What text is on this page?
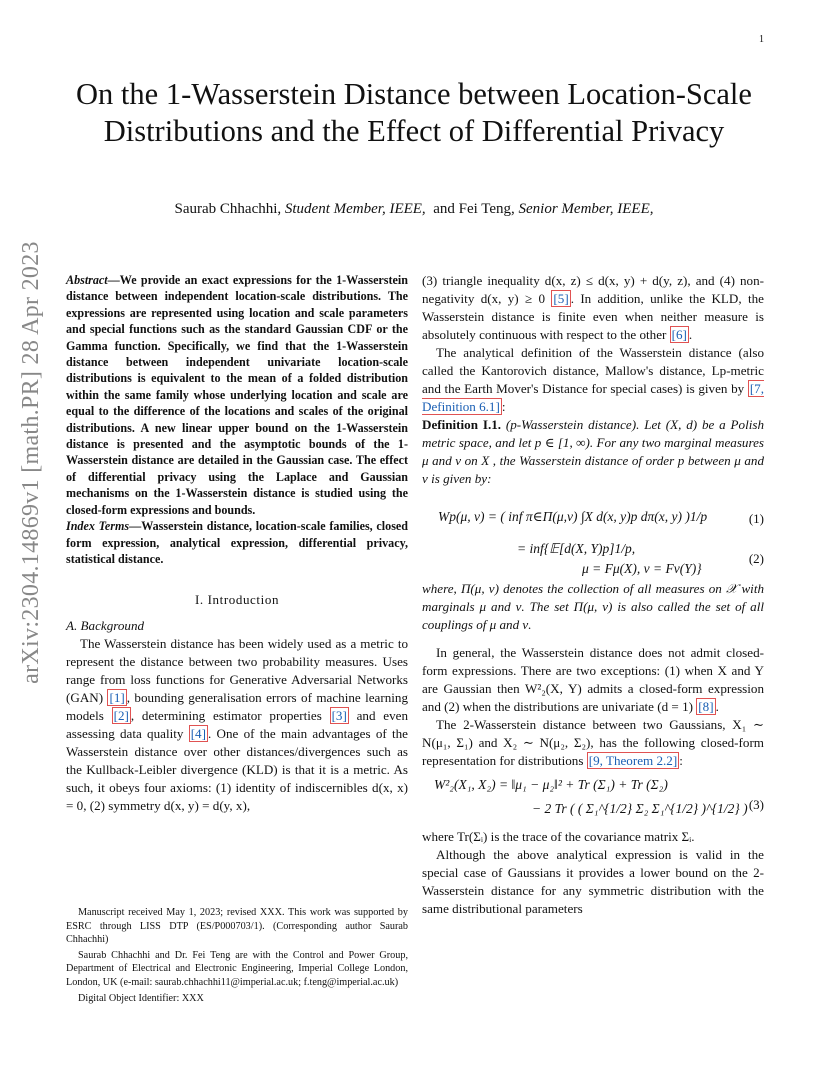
1
arXiv:2304.14869v1 [math.PR] 28 Apr 2023
On the 1-Wasserstein Distance between Location-Scale Distributions and the Effect of Differential Privacy
Saurab Chhachhi, Student Member, IEEE, and Fei Teng, Senior Member, IEEE,

Abstract—We provide an exact expressions for the 1-Wasserstein distance between independent location-scale distributions. The expressions are represented using location and scale parameters and special functions such as the standard Gaussian CDF or the Gamma function. Specifically, we find that the 1-Wasserstein distance between independent univariate location-scale distributions is equivalent to the mean of a folded distribution within the same family whose underlying location and scale are equal to the difference of the locations and scales of the original distributions. A new linear upper bound on the 1-Wasserstein distance is presented and the asymptotic bounds of the 1-Wasserstein distance are detailed in the Gaussian case. The effect of differential privacy using the Laplace and Gaussian mechanisms on the 1-Wasserstein distance is studied using the closed-form expressions and bounds.

Index Terms—Wasserstein distance, location-scale families, closed form expression, analytical expression, differential privacy, statistical distance.

I. Introduction
A. Background

The Wasserstein distance has been widely used as a metric to represent the distance between two probability measures. Uses range from loss functions for Generative Adversarial Networks (GAN) [1] , bounding generalisation errors of machine learning models [2] , determining estimator properties [3] and even assessing data quality [4] . One of the main advantages of the Wasserstein distance over other distances/divergences such as the Kullback-Leibler divergence (KLD) is that it is a metric. As such, it obeys four axioms: (1) identity of indiscernibles d(x, x) = 0, (2) symmetry d(x, y) = d(y, x),

Manuscript received May 1, 2023; revised XXX. This work was supported by ESRC through LISS DTP (ES/P000703/1). (Corresponding author Saurab Chhachhi)

Saurab Chhachhi and Dr. Fei Teng are with the Control and Power Group, Department of Electrical and Electronic Engineering, Imperial College London, London, UK (e-mail: saurab.chhachhi11@imperial.ac.uk; f.teng@imperial.ac.uk)

Digital Object Identifier: XXX

(3) triangle inequality d(x, z) ≤ d(x, y) + d(y, z), and (4) non-negativity d(x, y) ≥ 0 [5] . In addition, unlike the KLD, the Wasserstein distance is finite even when neither measure is absolutely continuous with respect to the other [6] .

The analytical definition of the Wasserstein distance (also called the Kantorovich distance, Mallow's distance, Lp-metric and the Earth Mover's Distance for special cases) is given by [7, Definition 6.1] :

Definition I.1. (p-Wasserstein distance). Let (X, d) be a Polish metric space, and let p ∈ [1, ∞). For any two marginal measures μ and ν on X , the Wasserstein distance of order p between μ and ν is given by:

Wp(μ, ν) = ( inf π∈Π(μ,ν) ∫X d(x, y)p dπ(x, y) )1/p	(1)
= inf{𝔼[d(X, Y)p]1/p,
μ = Fμ(X), ν = Fν(Y)}
(2)

where, Π(μ, ν) denotes the collection of all measures on 𝒳 with marginals μ and ν. The set Π(μ, ν) is also called the set of all couplings of μ and ν.

In general, the Wasserstein distance does not admit closed-form expressions. There are two exceptions: (1) when X and Y are Gaussian then W²₂(X, Y) admits a closed-form expression and (2) when the distributions are univariate (d = 1) [8] .

The 2-Wasserstein distance between two Gaussians, X₁ ∼ N(μ₁, Σ₁) and X₂ ∼ N(μ₂, Σ₂), has the following closed-form representation for distributions [9, Theorem 2.2] :

W²₂(X₁, X₂) = ‖μ₁ − μ₂‖² + Tr (Σ₁) + Tr (Σ₂)
− 2 Tr ( ( Σ₁^{1/2} Σ₂ Σ₁^{1/2} )^{1/2} ) (3)

where Tr(Σᵢ) is the trace of the covariance matrix Σᵢ.

Although the above analytical expression is valid in the special case of Gaussians it provides a lower bound on the 2-Wasserstein distance for any symmetric distribution with the same distributional parameters
